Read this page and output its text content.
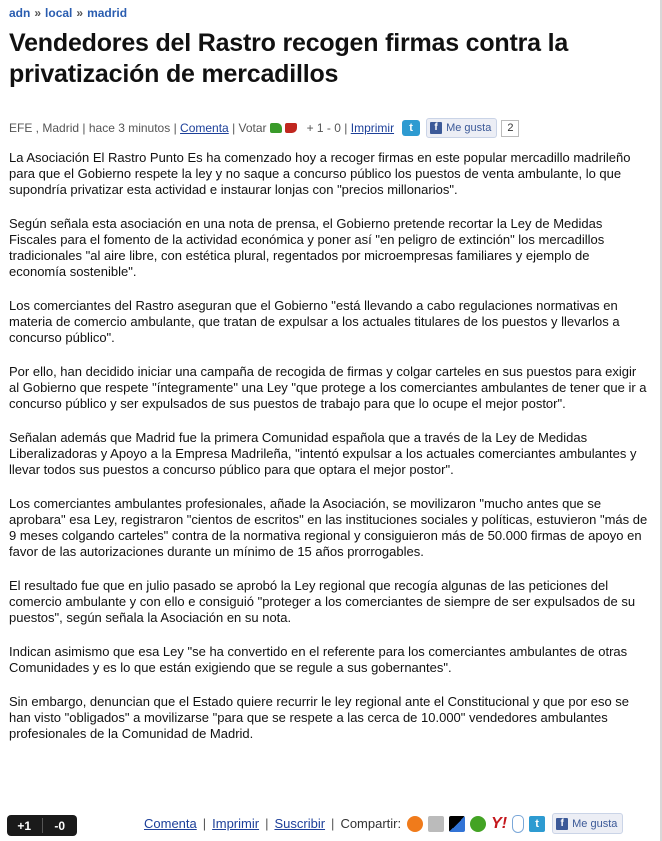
adn » local » madrid
Vendedores del Rastro recogen firmas contra la privatización de mercadillos
EFE , Madrid | hace 3 minutos | Comenta | Votar
	+ 1 - 0 | Imprimir	t	f Me gusta	2

La Asociación El Rastro Punto Es ha comenzado hoy a recoger firmas en este popular mercadillo madrileño para que el Gobierno respete la ley y no saque a concurso público los puestos de venta ambulante, lo que supondría privatizar esta actividad e instaurar lonjas con "precios millonarios".

Según señala esta asociación en una nota de prensa, el Gobierno pretende recortar la Ley de Medidas Fiscales para el fomento de la actividad económica y poner así "en peligro de extinción" los mercadillos tradicionales "al aire libre, con estética plural, regentados por microempresas familiares y ejemplo de economía sostenible".

Los comerciantes del Rastro aseguran que el Gobierno "está llevando a cabo regulaciones normativas en materia de comercio ambulante, que tratan de expulsar a los actuales titulares de los puestos y llevarlos a concurso público".

Por ello, han decidido iniciar una campaña de recogida de firmas y colgar carteles en sus puestos para exigir al Gobierno que respete "íntegramente" una Ley "que protege a los comerciantes ambulantes de tener que ir a concurso público y ser expulsados de sus puestos de trabajo para que lo ocupe el mejor postor".

Señalan además que Madrid fue la primera Comunidad española que a través de la Ley de Medidas Liberalizadoras y Apoyo a la Empresa Madrileña, "intentó expulsar a los actuales comerciantes ambulantes y llevar todos sus puestos a concurso público para que optara el mejor postor".

Los comerciantes ambulantes profesionales, añade la Asociación, se movilizaron "mucho antes que se aprobara" esa Ley, registraron "cientos de escritos" en las instituciones sociales y políticas, estuvieron "más de 9 meses colgando carteles" contra de la normativa regional y consiguieron más de 50.000 firmas de apoyo en favor de las autorizaciones durante un mínimo de 15 años prorrogables.

El resultado fue que en julio pasado se aprobó la Ley regional que recogía algunas de las peticiones del comercio ambulante y con ello e consiguió "proteger a los comerciantes de siempre de ser expulsados de su puestos", según señala la Asociación en su nota.

Indican asimismo que esa Ley "se ha convertido en el referente para los comerciantes ambulantes de otras Comunidades y es lo que están exigiendo que se regule a sus gobernantes".

Sin embargo, denuncian que el Estado quiere recurrir le ley regional ante el Constitucional y que por eso se han visto "obligados" a movilizarse "para que se respete a las cerca de 10.000" vendedores ambulantes profesionales de la Comunidad de Madrid.

+1	-0	Comenta | Imprimir | Suscribir | Compartir:	Y!	t	f Me gusta
